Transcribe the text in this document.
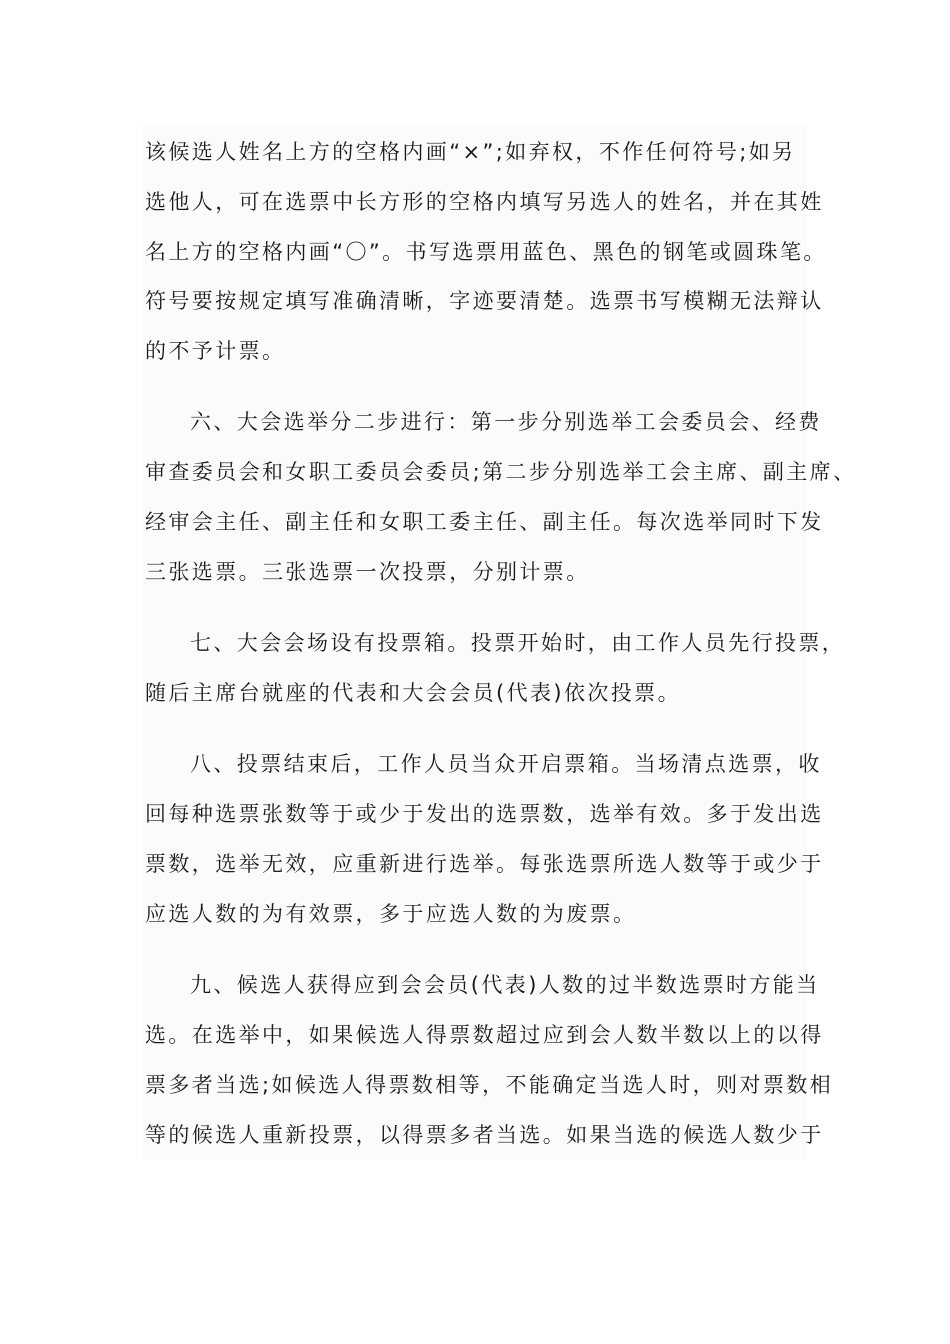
该候选人姓名上方的空格内画“×”;如弃权，不作任何符号;如另
选他人，可在选票中长方形的空格内填写另选人的姓名，并在其姓
名上方的空格内画“〇”。书写选票用蓝色、黑色的钢笔或圆珠笔。
符号要按规定填写准确清晰，字迹要清楚。选票书写模糊无法辩认
的不予计票。
六、大会选举分二步进行：第一步分别选举工会委员会、经费
审查委员会和女职工委员会委员;第二步分别选举工会主席、副主席、
经审会主任、副主任和女职工委主任、副主任。每次选举同时下发
三张选票。三张选票一次投票，分别计票。
七、大会会场设有投票箱。投票开始时，由工作人员先行投票，
随后主席台就座的代表和大会会员(代表)依次投票。
八、投票结束后，工作人员当众开启票箱。当场清点选票，收
回每种选票张数等于或少于发出的选票数，选举有效。多于发出选
票数，选举无效，应重新进行选举。每张选票所选人数等于或少于
应选人数的为有效票，多于应选人数的为废票。
九、候选人获得应到会会员(代表)人数的过半数选票时方能当
选。在选举中，如果候选人得票数超过应到会人数半数以上的以得
票多者当选;如候选人得票数相等，不能确定当选人时，则对票数相
等的候选人重新投票，以得票多者当选。如果当选的候选人数少于
